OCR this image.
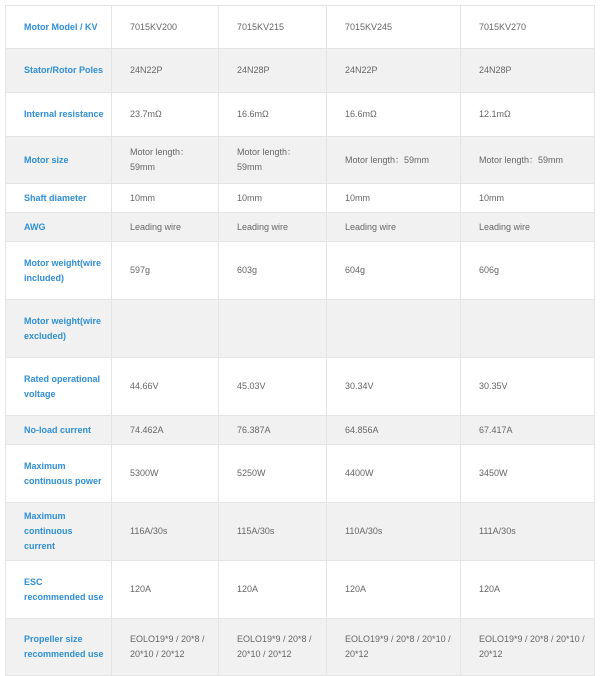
Motor Model / KV	7015KV200	7015KV215	7015KV245	7015KV270
Stator/Rotor Poles	24N22P	24N28P	24N22P	24N28P
Internal resistance	23.7mΩ	16.6mΩ	16.6mΩ	12.1mΩ
Motor size	Motor length：59mm	Motor length：59mm	Motor length：59mm	Motor length：59mm
Shaft diameter	10mm	10mm	10mm	10mm
AWG	Leading wire	Leading wire	Leading wire	Leading wire
Motor weight(wire included)	597g	603g	604g	606g
Motor weight(wire excluded)				
Rated operational voltage	44.66V	45.03V	30.34V	30.35V
No-load current	74.462A	76.387A	64.856A	67.417A
Maximum continuous power	5300W	5250W	4400W	3450W
Maximum continuous current	116A/30s	115A/30s	110A/30s	111A/30s
ESC recommended use	120A	120A	120A	120A
Propeller size recommended use	EOLO19*9 / 20*8 / 20*10 / 20*12	EOLO19*9 / 20*8 / 20*10 / 20*12	EOLO19*9 / 20*8 / 20*10 / 20*12	EOLO19*9 / 20*8 / 20*10 / 20*12
